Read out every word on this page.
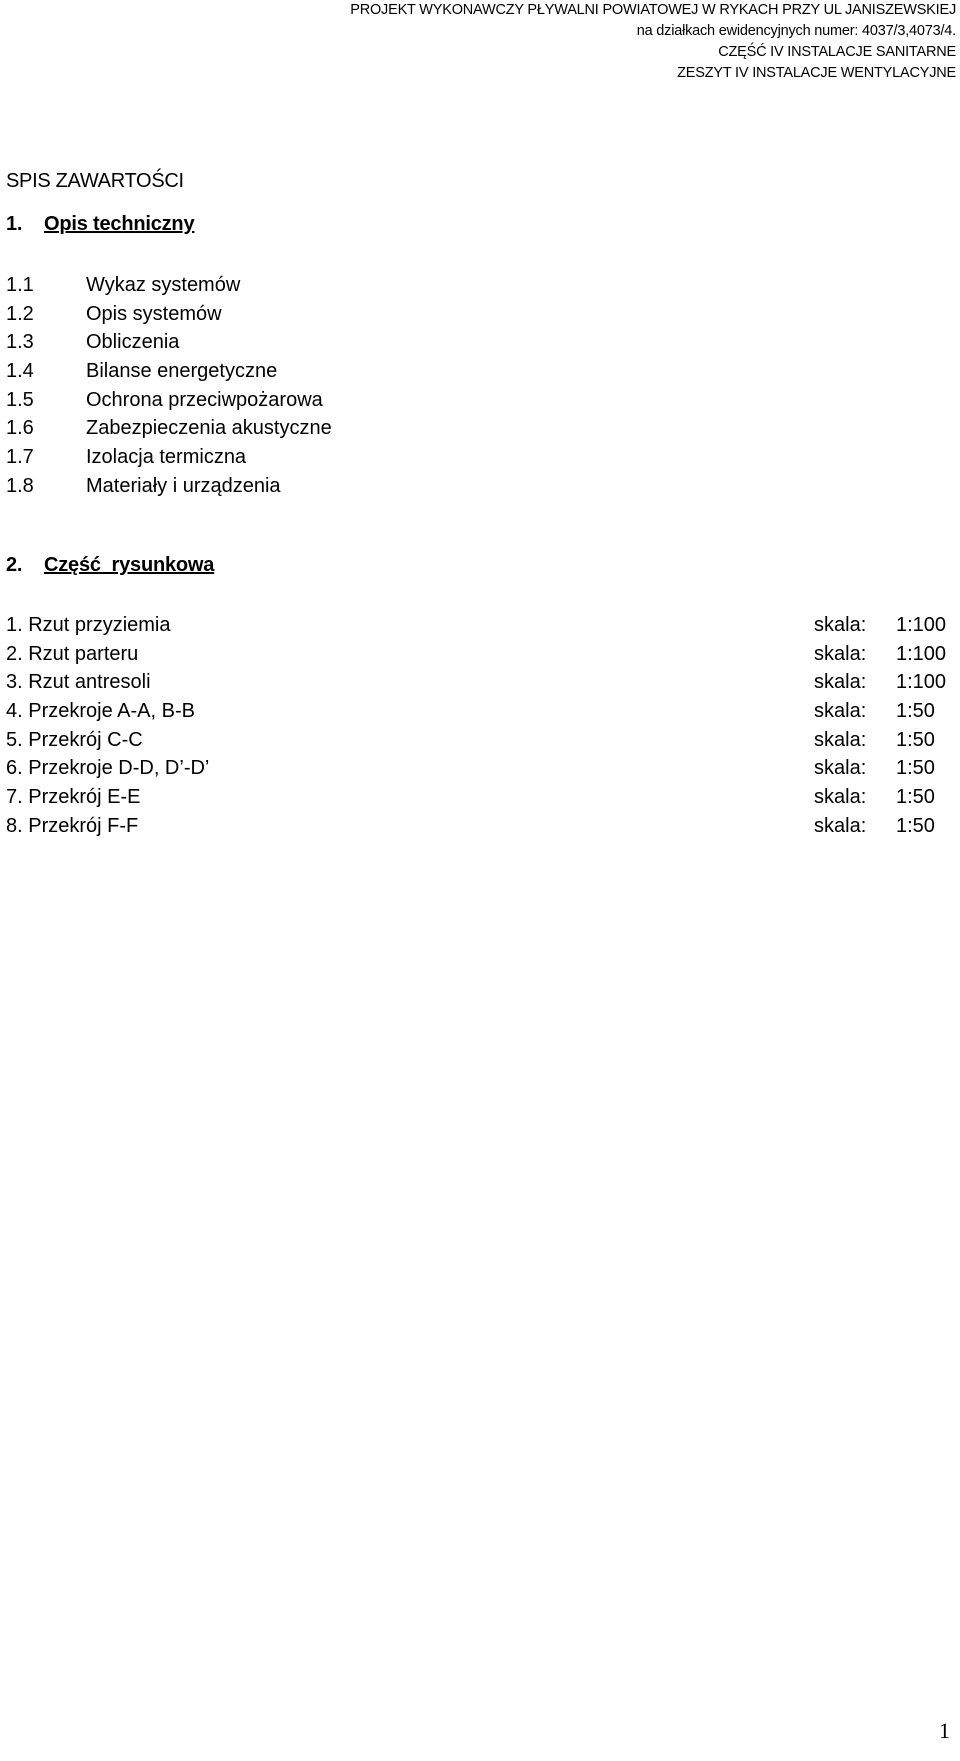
PROJEKT WYKONAWCZY PŁYWALNI POWIATOWEJ W RYKACH PRZY UL JANISZEWSKIEJ
na działkach ewidencyjnych numer: 4037/3,4073/4.
CZĘŚĆ IV INSTALACJE SANITARNE
ZESZYT IV INSTALACJE WENTYLACYJNE
SPIS ZAWARTOŚCI
1. Opis techniczny
1.1	Wykaz systemów
1.2	Opis systemów
1.3	Obliczenia
1.4	Bilanse energetyczne
1.5	Ochrona przeciwpożarowa
1.6	Zabezpieczenia akustyczne
1.7	Izolacja termiczna
1.8	Materiały i urządzenia
2. Część  rysunkowa
1. Rzut przyziemia	skala: 1:100
2. Rzut parteru	skala: 1:100
3. Rzut antresoli	skala: 1:100
4. Przekroje A-A, B-B	skala: 1:50
5. Przekrój C-C	skala: 1:50
6. Przekroje D-D, D’-D’	skala: 1:50
7. Przekrój E-E	skala: 1:50
8. Przekrój F-F	skala: 1:50
1
